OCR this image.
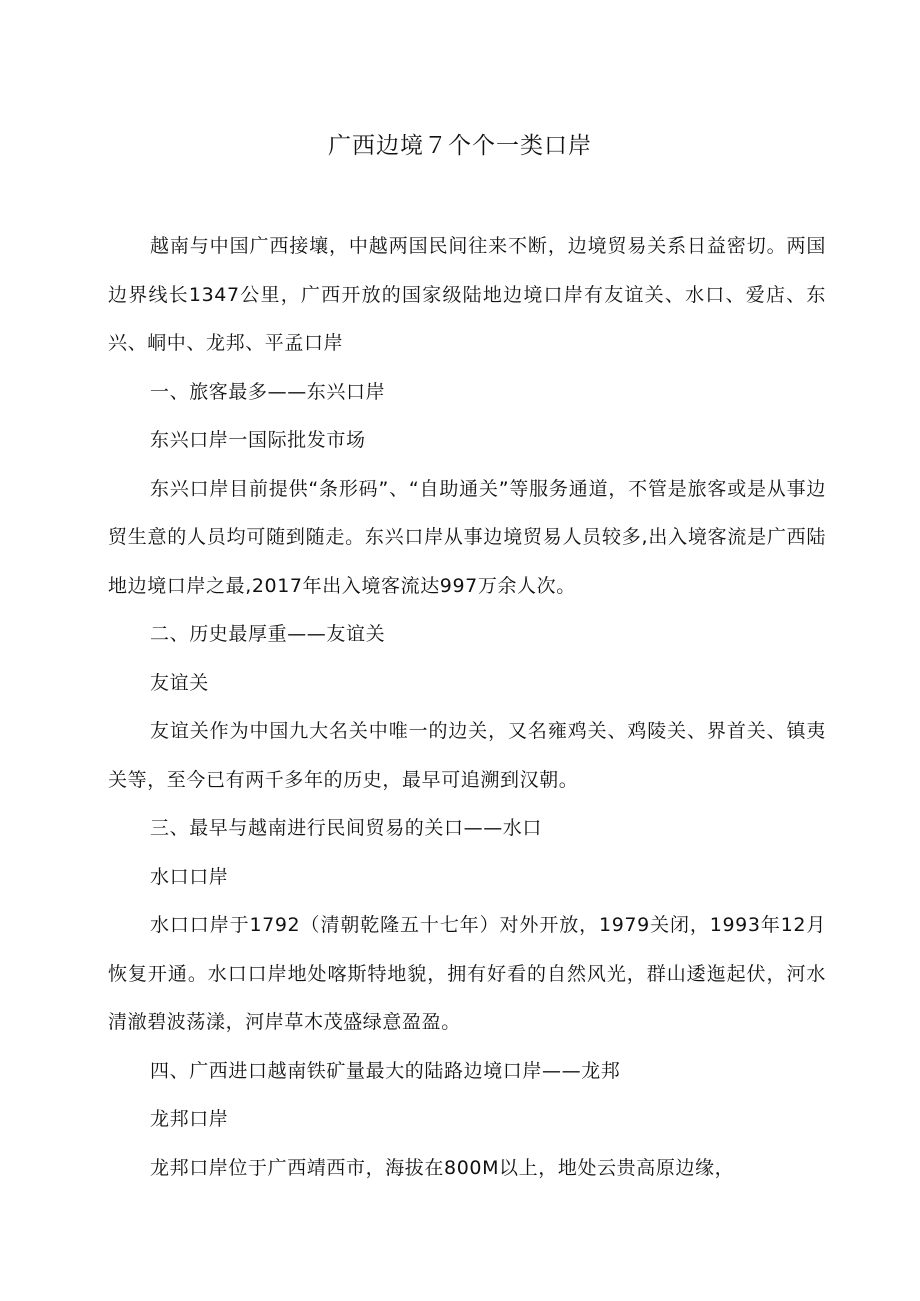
广西边境７个个一类口岸

越南与中国广西接壤，中越两国民间往来不断，边境贸易关系日益密切。两国边界线长1347公里，广西开放的国家级陆地边境口岸有友谊关、水口、爱店、东兴、峒中、龙邦、平孟口岸

一、旅客最多——东兴口岸

东兴口岸一国际批发市场

东兴口岸目前提供“条形码”、“自助通关”等服务通道，不管是旅客或是从事边贸生意的人员均可随到随走。东兴口岸从事边境贸易人员较多,出入境客流是广西陆地边境口岸之最,2017年出入境客流达997万余人次。

二、历史最厚重——友谊关

友谊关

友谊关作为中国九大名关中唯一的边关，又名雍鸡关、鸡陵关、界首关、镇夷关等，至今已有两千多年的历史，最早可追溯到汉朝。

三、最早与越南进行民间贸易的关口——水口

水口口岸

水口口岸于1792（清朝乾隆五十七年）对外开放，1979关闭，1993年12月恢复开通。水口口岸地处喀斯特地貌，拥有好看的自然风光，群山逶迤起伏，河水清澈碧波荡漾，河岸草木茂盛绿意盈盈。

四、广西进口越南铁矿量最大的陆路边境口岸——龙邦

龙邦口岸

龙邦口岸位于广西靖西市，海拔在800M以上，地处云贵高原边缘，
